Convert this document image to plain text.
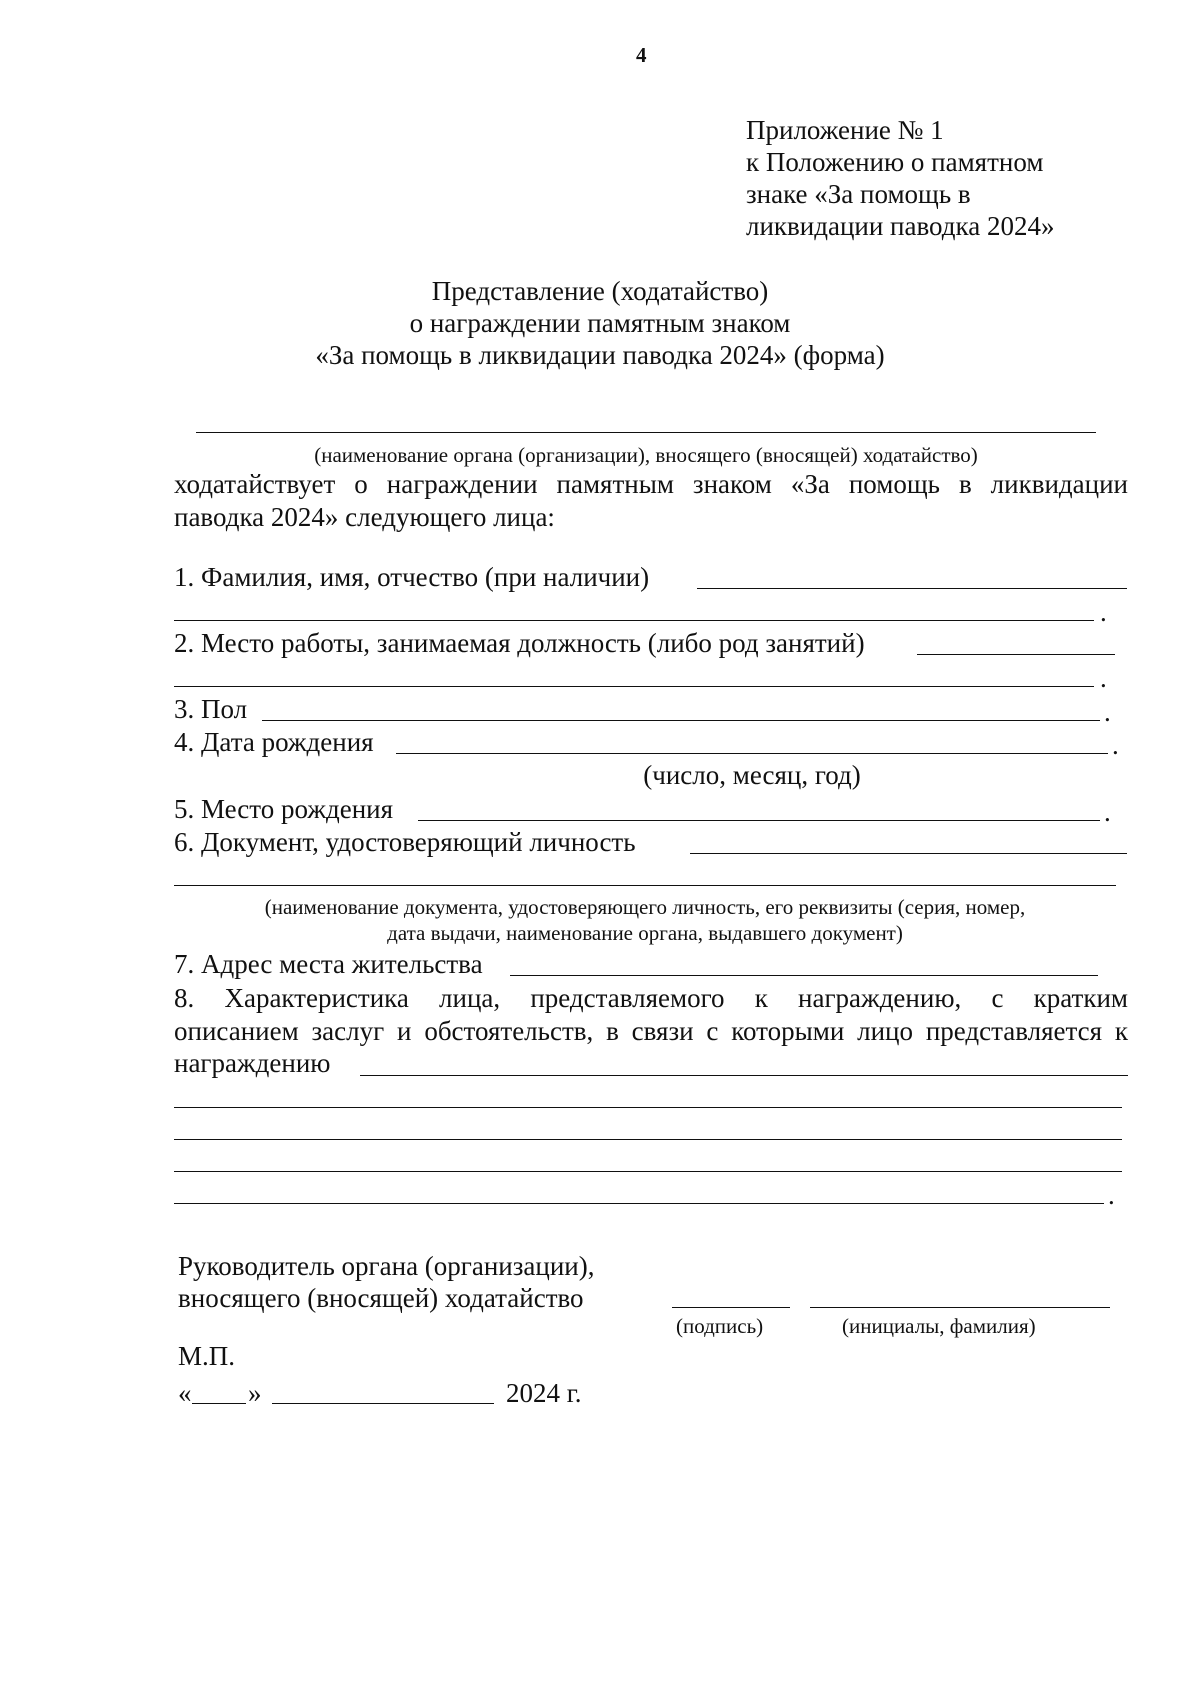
4
Приложение № 1
к Положению о памятном
знаке «За помощь в
ликвидации паводка 2024»
Представление (ходатайство)
о награждении памятным знаком
«За помощь в ликвидации паводка 2024» (форма)
(наименование органа (организации), вносящего (вносящей) ходатайство)
ходатайствует о награждении памятным знаком «За помощь в ликвидации
паводка 2024» следующего лица:
1. Фамилия, имя, отчество (при наличии)
.
2. Место работы, занимаемая должность (либо род занятий)
.
3. Пол	.
4. Дата рождения	.
(число, месяц, год)
5. Место рождения	.
6. Документ, удостоверяющий личность
(наименование документа, удостоверяющего личность, его реквизиты (серия, номер,
дата выдачи, наименование органа, выдавшего документ)
7. Адрес места жительства
8. Характеристика лица, представляемого к награждению, с кратким
описанием заслуг и обстоятельств, в связи с которыми лицо представляется к
награждению
.
Руководитель органа (организации),
вносящего (вносящей) ходатайство
(подпись)	(инициалы, фамилия)
М.П.
« »	2024 г.
